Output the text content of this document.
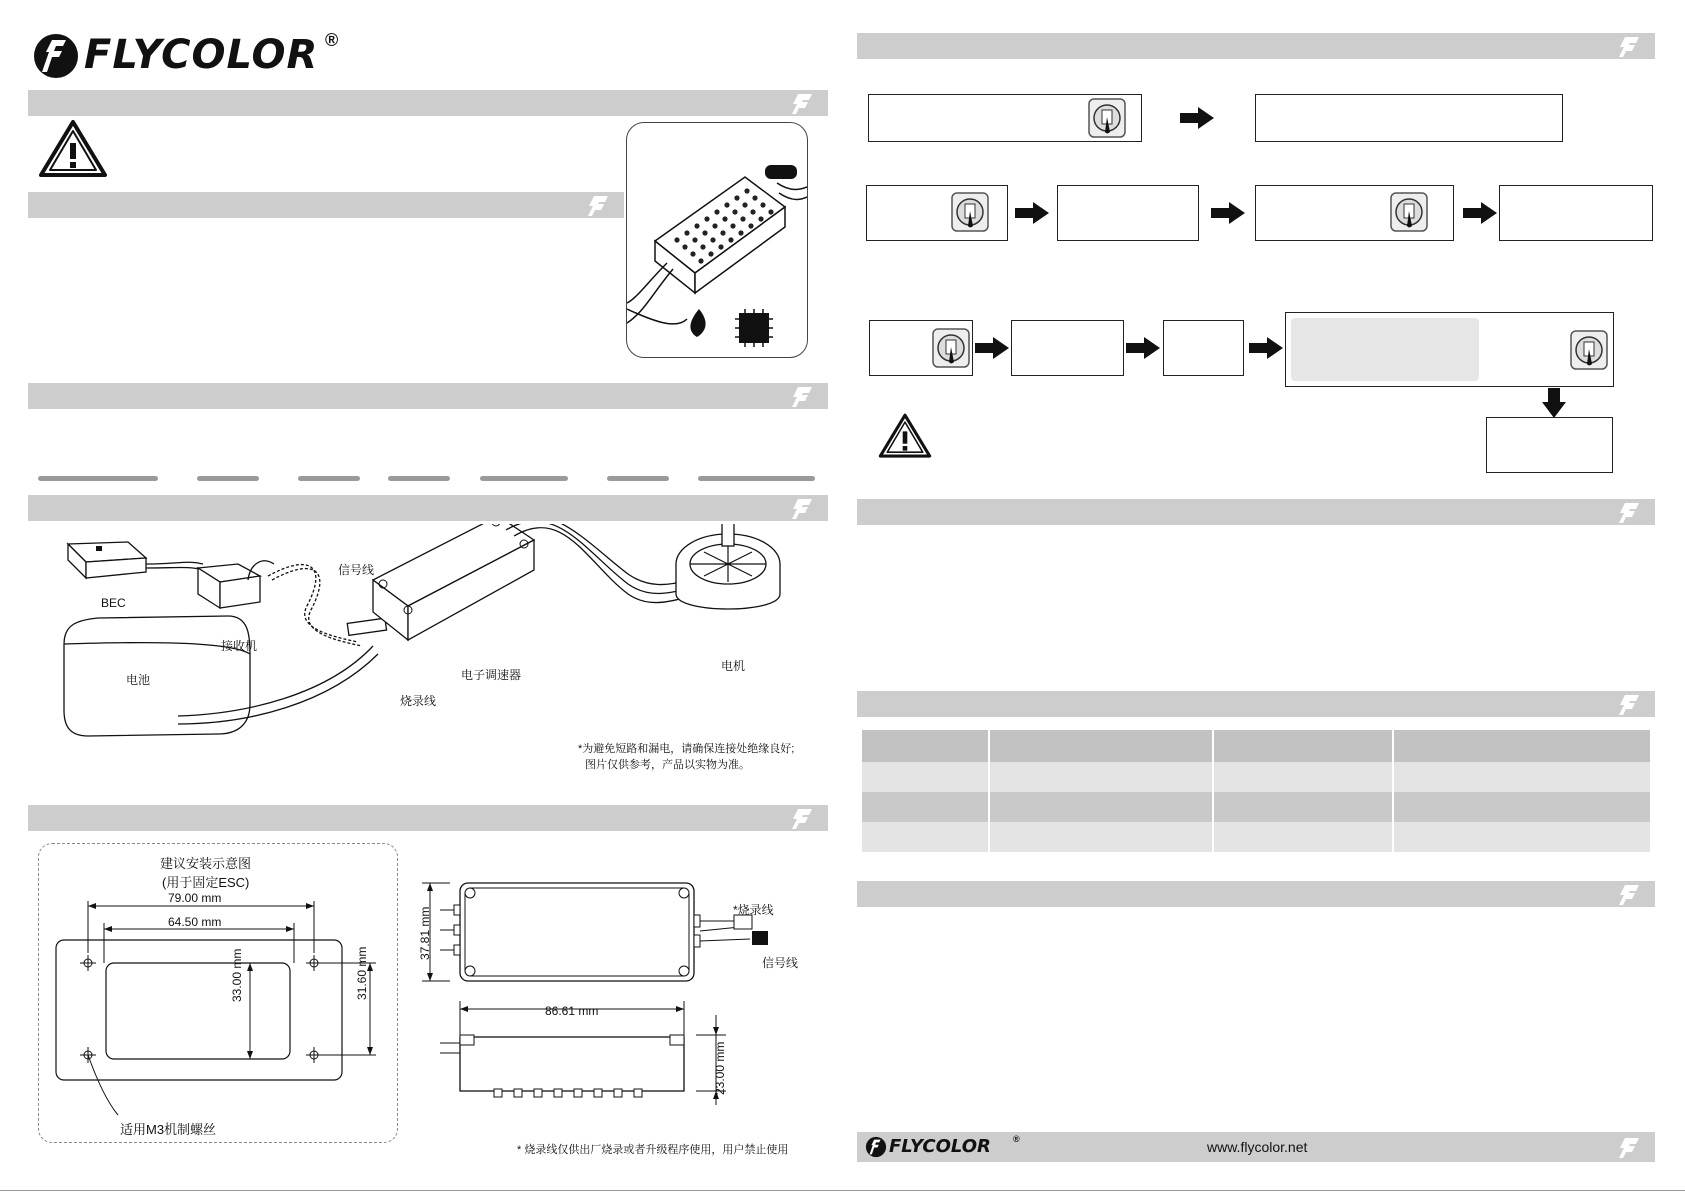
FLYCOLOR ®
BEC
信号线
接收机
电池	电子调速器
烧录线
电机
*为避免短路和漏电，请确保连接处绝缘良好;
图片仅供参考，产品以实物为准。
建议安装示意图
(用于固定ESC)
79.00 mm
64.50 mm
33.00 mm	31.60 mm
适用M3机制螺丝
37.81 mm
86.61 mm
23.00 mm
*烧录线
信号线
* 烧录线仅供出厂烧录或者升级程序使用，用户禁止使用

				FLYCOLOR ®	www.flycolor.net
